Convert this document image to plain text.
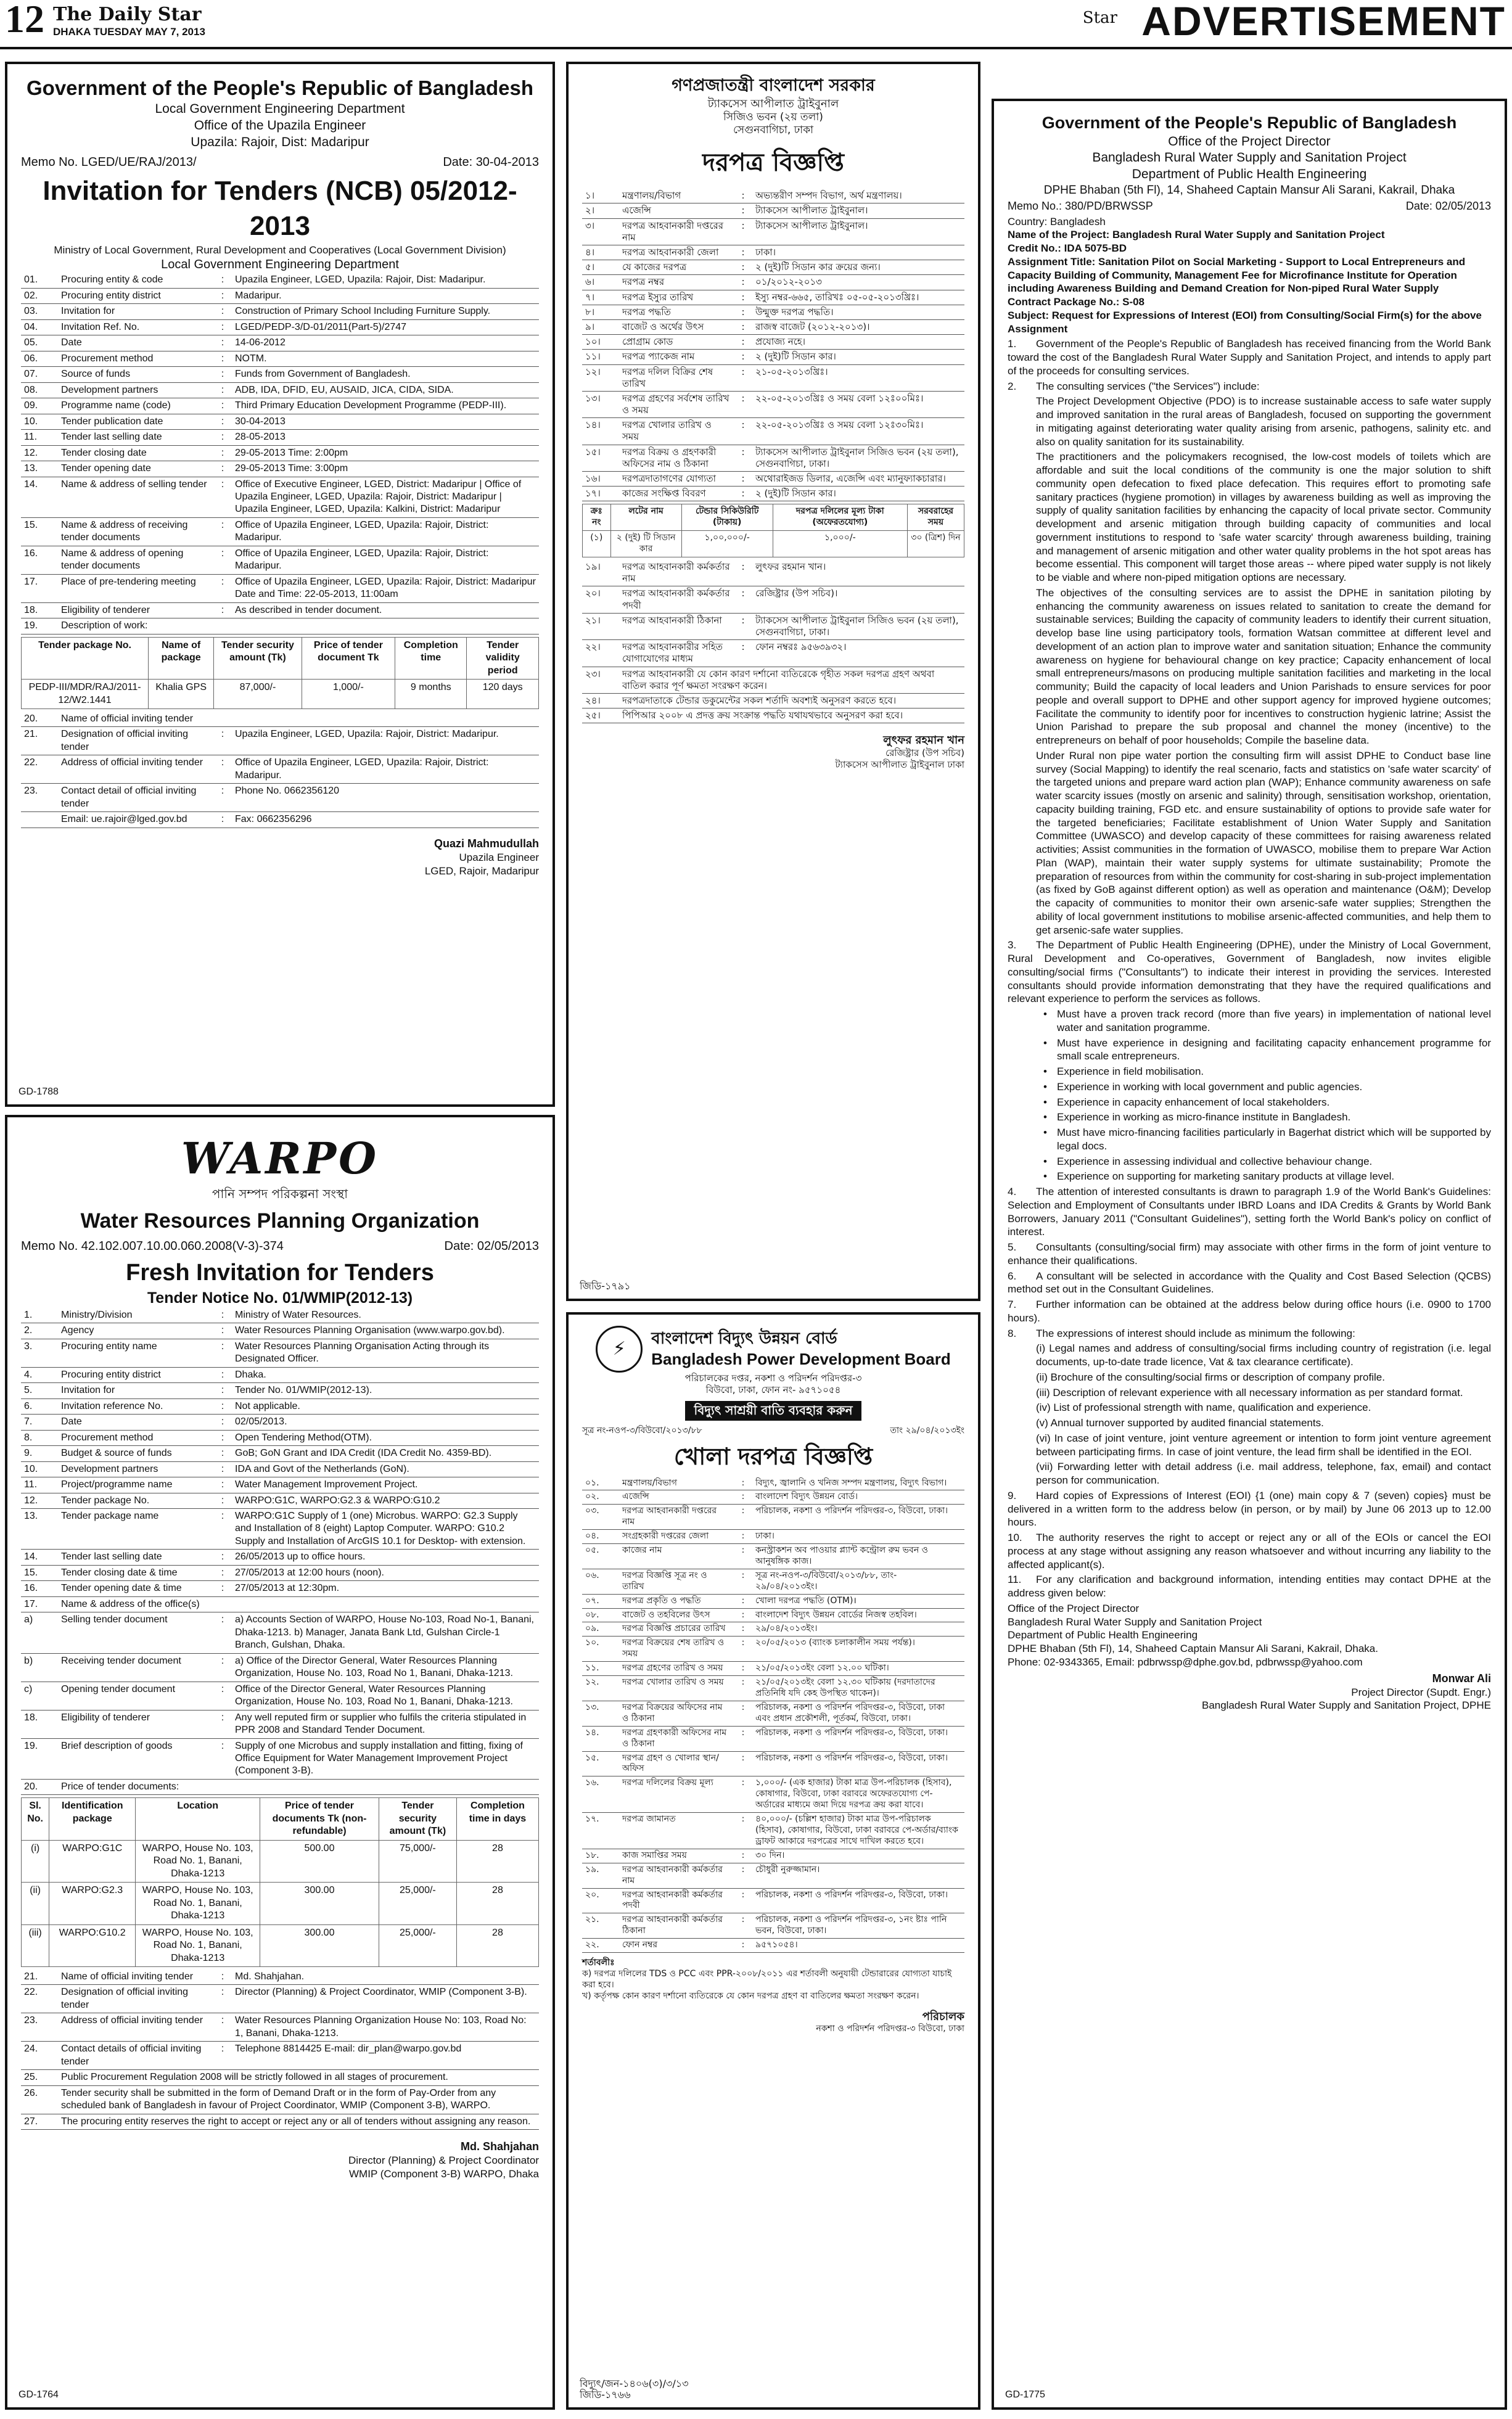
12 The Daily Star
DHAKA TUESDAY MAY 7, 2013
Star ADVERTISEMENT
Government of the People's Republic of Bangladesh
Local Government Engineering Department
Office of the Upazila Engineer
Upazila: Rajoir, Dist: Madaripur
Memo No. LGED/UE/RAJ/2013/	Date: 30-04-2013
Invitation for Tenders (NCB) 05/2012-2013
Ministry of Local Government, Rural Development and Cooperatives (Local Government Division)
Local Government Engineering Department
01.	Procuring entity & code	:	Upazila Engineer, LGED, Upazila: Rajoir, Dist: Madaripur.
02.	Procuring entity district	:	Madaripur.
03.	Invitation for	:	Construction of Primary School Including Furniture Supply.
04.	Invitation Ref. No.	:	LGED/PEDP-3/D-01/2011(Part-5)/2747
05.	Date	:	14-06-2012
06.	Procurement method	:	NOTM.
07.	Source of funds	:	Funds from Government of Bangladesh.
08.	Development partners	:	ADB, IDA, DFID, EU, AUSAID, JICA, CIDA, SIDA.
09.	Programme name (code)	:	Third Primary Education Development Programme (PEDP-III).
10.	Tender publication date	:	30-04-2013
11.	Tender last selling date	:	28-05-2013
12.	Tender closing date	:	29-05-2013 Time: 2:00pm
13.	Tender opening date	:	29-05-2013 Time: 3:00pm
14.	Name & address of selling tender	:	Office of Executive Engineer, LGED, District: Madaripur | Office of Upazila Engineer, LGED, Upazila: Rajoir, District: Madaripur | Upazila Engineer, LGED, Upazila: Kalkini, District: Madaripur
15.	Name & address of receiving tender documents	:	Office of Upazila Engineer, LGED, Upazila: Rajoir, District: Madaripur.
16.	Name & address of opening tender documents	:	Office of Upazila Engineer, LGED, Upazila: Rajoir, District: Madaripur.
17.	Place of pre-tendering meeting	:	Office of Upazila Engineer, LGED, Upazila: Rajoir, District: Madaripur Date and Time: 22-05-2013, 11:00am
18.	Eligibility of tenderer	:	As described in tender document.
19.	Description of work:		
Tender package No.	Name of package	Tender security amount (Tk)	Price of tender document Tk	Completion time	Tender validity period
PEDP-III/MDR/RAJ/2011-12/W2.1441	Khalia GPS	87,000/-	1,000/-	9 months	120 days
20.	Name of official inviting tender		
21.	Designation of official inviting tender	:	Upazila Engineer, LGED, Upazila: Rajoir, District: Madaripur.
22.	Address of official inviting tender	:	Office of Upazila Engineer, LGED, Upazila: Rajoir, District: Madaripur.
23.	Contact detail of official inviting tender	:	Phone No. 0662356120
	Email: ue.rajoir@lged.gov.bd	:	Fax: 0662356296
Quazi Mahmudullah
Upazila Engineer
LGED, Rajoir, Madaripur
GD-1788
WARPO
পানি সম্পদ পরিকল্পনা সংস্থা
Water Resources Planning Organization
Memo No. 42.102.007.10.00.060.2008(V-3)-374	Date: 02/05/2013
Fresh Invitation for Tenders
Tender Notice No. 01/WMIP(2012-13)
1.	Ministry/Division	:	Ministry of Water Resources.
2.	Agency	:	Water Resources Planning Organisation (www.warpo.gov.bd).
3.	Procuring entity name	:	Water Resources Planning Organisation Acting through its Designated Officer.
4.	Procuring entity district	:	Dhaka.
5.	Invitation for	:	Tender No. 01/WMIP(2012-13).
6.	Invitation reference No.	:	Not applicable.
7.	Date	:	02/05/2013.
8.	Procurement method	:	Open Tendering Method(OTM).
9.	Budget & source of funds	:	GoB; GoN Grant and IDA Credit (IDA Credit No. 4359-BD).
10.	Development partners	:	IDA and Govt of the Netherlands (GoN).
11.	Project/programme name	:	Water Management Improvement Project.
12.	Tender package No.	:	WARPO:G1C, WARPO:G2.3 & WARPO:G10.2
13.	Tender package name	:	WARPO:G1C Supply of 1 (one) Microbus. WARPO: G2.3 Supply and Installation of 8 (eight) Laptop Computer. WARPO: G10.2 Supply and Installation of ArcGIS 10.1 for Desktop- with extension.
14.	Tender last selling date	:	26/05/2013 up to office hours.
15.	Tender closing date & time	:	27/05/2013 at 12:00 hours (noon).
16.	Tender opening date & time	:	27/05/2013 at 12:30pm.
17.	Name & address of the office(s)		
a)	Selling tender document	:	a) Accounts Section of WARPO, House No-103, Road No-1, Banani, Dhaka-1213. b) Manager, Janata Bank Ltd, Gulshan Circle-1 Branch, Gulshan, Dhaka.
b)	Receiving tender document	:	a) Office of the Director General, Water Resources Planning Organization, House No. 103, Road No 1, Banani, Dhaka-1213.
c)	Opening tender document	:	Office of the Director General, Water Resources Planning Organization, House No. 103, Road No 1, Banani, Dhaka-1213.
18.	Eligibility of tenderer	:	Any well reputed firm or supplier who fulfils the criteria stipulated in PPR 2008 and Standard Tender Document.
19.	Brief description of goods	:	Supply of one Microbus and supply installation and fitting, fixing of Office Equipment for Water Management Improvement Project (Component 3-B).
20.	Price of tender documents:		
Sl. No.	Identification package	Location	Price of tender documents Tk (non-refundable)	Tender security amount (Tk)	Completion time in days
(i)	WARPO:G1C	WARPO, House No. 103, Road No. 1, Banani, Dhaka-1213	500.00	75,000/-	28
(ii)	WARPO:G2.3	WARPO, House No. 103, Road No. 1, Banani, Dhaka-1213	300.00	25,000/-	28
(iii)	WARPO:G10.2	WARPO, House No. 103, Road No. 1, Banani, Dhaka-1213	300.00	25,000/-	28
21.	Name of official inviting tender	:	Md. Shahjahan.
22.	Designation of official inviting tender	:	Director (Planning) & Project Coordinator, WMIP (Component 3-B).
23.	Address of official inviting tender	:	Water Resources Planning Organization House No: 103, Road No: 1, Banani, Dhaka-1213.
24.	Contact details of official inviting tender	:	Telephone 8814425 E-mail: dir_plan@warpo.gov.bd
25.	Public Procurement Regulation 2008 will be strictly followed in all stages of procurement.		
26.	Tender security shall be submitted in the form of Demand Draft or in the form of Pay-Order from any scheduled bank of Bangladesh in favour of Project Coordinator, WMIP (Component 3-B), WARPO.		
27.	The procuring entity reserves the right to accept or reject any or all of tenders without assigning any reason.		
Md. Shahjahan
Director (Planning) & Project Coordinator
WMIP (Component 3-B) WARPO, Dhaka
GD-1764
গণপ্রজাতন্ত্রী বাংলাদেশ সরকার
ট্যাকসেস আপীলাত ট্রাইবুনাল
সিজিও ভবন (২য় তলা)
সেগুনবাগিচা, ঢাকা
দরপত্র বিজ্ঞপ্তি
১।	মন্ত্রণালয়/বিভাগ	:	অভ্যন্তরীণ সম্পদ বিভাগ, অর্থ মন্ত্রণালয়।
২।	এজেন্সি	:	ট্যাকসেস আপীলাত ট্রাইবুনাল।
৩।	দরপত্র আহবানকারী দপ্তরের নাম	:	ট্যাকসেস আপীলাত ট্রাইবুনাল।
৪।	দরপত্র আহবানকারী জেলা	:	ঢাকা।
৫।	যে কাজের দরপত্র	:	২ (দুই)টি সিডান কার ক্রয়ের জন্য।
৬।	দরপত্র নম্বর	:	০১/২০১২-২০১৩
৭।	দরপত্র ইস্যুর তারিখ	:	ইস্যু নম্বর-৬৬৫, তারিখঃ ০৫-০৫-২০১৩খ্রিঃ।
৮।	দরপত্র পদ্ধতি	:	উন্মুক্ত দরপত্র পদ্ধতি।
৯।	বাজেট ও অর্থের উৎস	:	রাজস্ব বাজেট (২০১২-২০১৩)।
১০।	প্রোগ্রাম কোড	:	প্রযোজ্য নহে।
১১।	দরপত্র প্যাকেজ নাম	:	২ (দুই)টি সিডান কার।
১২।	দরপত্র দলিল বিক্রির শেষ তারিখ	:	২১-০৫-২০১৩খ্রিঃ।
১৩।	দরপত্র গ্রহণের সর্বশেষ তারিখ ও সময়	:	২২-০৫-২০১৩খ্রিঃ ও সময় বেলা ১২ঃ০০মিঃ।
১৪।	দরপত্র খোলার তারিখ ও সময়	:	২২-০৫-২০১৩খ্রিঃ ও সময় বেলা ১২ঃ৩০মিঃ।
১৫।	দরপত্র বিক্রয় ও গ্রহণকারী অফিসের নাম ও ঠিকানা	:	ট্যাকসেস আপীলাত ট্রাইবুনাল সিজিও ভবন (২য় তলা), সেগুনবাগিচা, ঢাকা।
১৬।	দরপত্রদাতাগণের যোগ্যতা	:	অথোরাইজড ডিলার, এজেন্সি এবং ম্যানুফ্যাকচারার।
১৭।	কাজের সংক্ষিপ্ত বিবরণ	:	২ (দুই)টি সিডান কার।
ক্রঃ নং	লটের নাম	টেন্ডার সিকিউরিটি (টাকায়)	দরপত্র দলিলের মূল্য টাকা (অফেরতযোগ্য)	সরবরাহের সময়
(১)	২ (দুই) টি সিডান কার	১,০০,০০০/-	১,০০০/-	৩০ (ত্রিশ) দিন
১৯।	দরপত্র আহবানকারী কর্মকর্তার নাম	:	লুৎফর রহমান খান।
২০।	দরপত্র আহবানকারী কর্মকর্তার পদবী	:	রেজিষ্ট্রার (উপ সচিব)।
২১।	দরপত্র আহবানকারী ঠিকানা	:	ট্যাকসেস আপীলাত ট্রাইবুনাল সিজিও ভবন (২য় তলা), সেগুনবাগিচা, ঢাকা।
২২।	দরপত্র আহবানকারীর সহিত যোগাযোগের মাধ্যম	:	ফোন নম্বরঃ ৯৫৬৩৯৩২।
২৩।	দরপত্র আহবানকারী যে কোন কারণ দর্শানো ব্যতিরেকে গৃহীত সকল দরপত্র গ্রহণ অথবা বাতিল করার পূর্ণ ক্ষমতা সংরক্ষণ করেন।		
২৪।	দরপত্রদাতাকে টেন্ডার ডকুমেন্টের সকল শর্তাদি অবশ্যই অনুসরণ করতে হবে।		
২৫।	পিপিআর ২০০৮ এ প্রদত্ত ক্রয় সংক্রান্ত পদ্ধতি যথাযথভাবে অনুসরণ করা হবে।		
লুৎফর রহমান খান
রেজিষ্ট্রার (উপ সচিব)
ট্যাকসেস আপীলাত ট্রাইবুনাল ঢাকা
জিডি-১৭৯১
⚡	বাংলাদেশ বিদ্যুৎ উন্নয়ন বোর্ড
Bangladesh Power Development Board
পরিচালকের দপ্তর, নকশা ও পরিদর্শন পরিদপ্তর-৩
বিউবো, ঢাকা, ফোন নং- ৯৫৭১০৫৪
বিদ্যুৎ সাশ্রয়ী বাতি ব্যবহার করুন
সূত্র নং-নওপ-৩/বিউবো/২০১৩/৮৮	তাং ২৯/০৪/২০১৩ইং
খোলা দরপত্র বিজ্ঞপ্তি
০১.	মন্ত্রণালয়/বিভাগ	:	বিদ্যুৎ, জ্বালানি ও খনিজ সম্পদ মন্ত্রণালয়, বিদ্যুৎ বিভাগ।
০২.	এজেন্সি	:	বাংলাদেশ বিদ্যুৎ উন্নয়ন বোর্ড।
০৩.	দরপত্র আহবানকারী দপ্তরের নাম	:	পরিচালক, নকশা ও পরিদর্শন পরিদপ্তর-৩, বিউবো, ঢাকা।
০৪.	সংগ্রহকারী দপ্তরের জেলা	:	ঢাকা।
০৫.	কাজের নাম	:	কনস্ট্রাকশন অব পাওয়ার প্ল্যান্ট কন্ট্রোল রুম ভবন ও আনুষঙ্গিক কাজ।
০৬.	দরপত্র বিজ্ঞপ্তি সূত্র নং ও তারিখ	:	সূত্র নং-নওপ-৩/বিউবো/২০১৩/৮৮, তাং- ২৯/০৪/২০১৩ইং।
০৭.	দরপত্র প্রকৃতি ও পদ্ধতি	:	খোলা দরপত্র পদ্ধতি (OTM)।
০৮.	বাজেট ও তহবিলের উৎস	:	বাংলাদেশ বিদ্যুৎ উন্নয়ন বোর্ডের নিজস্ব তহবিল।
০৯.	দরপত্র বিজ্ঞপ্তি প্রচারের তারিখ	:	২৯/০৪/২০১৩ইং।
১০.	দরপত্র বিক্রয়ের শেষ তারিখ ও সময়	:	২০/০৫/২০১৩ (ব্যাংক চলাকালীন সময় পর্যন্ত)।
১১.	দরপত্র গ্রহণের তারিখ ও সময়	:	২১/০৫/২০১৩ইং বেলা ১২.০০ ঘটিকা।
১২.	দরপত্র খোলার তারিখ ও সময়	:	২১/০৫/২০১৩ইং বেলা ১২.৩০ ঘটিকায় (দরদাতাদের প্রতিনিধি যদি কেহ উপস্থিত থাকেন)।
১৩.	দরপত্র বিক্রয়ের অফিসের নাম ও ঠিকানা	:	পরিচালক, নকশা ও পরিদর্শন পরিদপ্তর-৩, বিউবো, ঢাকা এবং প্রধান প্রকৌশলী, পূর্তকর্ম, বিউবো, ঢাকা।
১৪.	দরপত্র গ্রহণকারী অফিসের নাম ও ঠিকানা	:	পরিচালক, নকশা ও পরিদর্শন পরিদপ্তর-৩, বিউবো, ঢাকা।
১৫.	দরপত্র গ্রহণ ও খোলার স্থান/অফিস	:	পরিচালক, নকশা ও পরিদর্শন পরিদপ্তর-৩, বিউবো, ঢাকা।
১৬.	দরপত্র দলিলের বিক্রয় মূল্য	:	১,০০০/- (এক হাজার) টাকা মাত্র উপ-পরিচালক (হিসাব), কোষাগার, বিউবো, ঢাকা বরাবরে অফেরতযোগ্য পে-অর্ডারের মাধ্যমে জমা দিয়ে দরপত্র ক্রয় করা যাবে।
১৭.	দরপত্র জামানত	:	৪০,০০০/- (চল্লিশ হাজার) টাকা মাত্র উপ-পরিচালক (হিসাব), কোষাগার, বিউবো, ঢাকা বরাবরে পে-অর্ডার/ব্যাংক ড্রাফট আকারে দরপত্রের সাথে দাখিল করতে হবে।
১৮.	কাজ সমাপ্তির সময়	:	৩০ দিন।
১৯.	দরপত্র আহবানকারী কর্মকর্তার নাম	:	চৌধুরী নুরুজ্জামান।
২০.	দরপত্র আহবানকারী কর্মকর্তার পদবী	:	পরিচালক, নকশা ও পরিদর্শন পরিদপ্তর-৩, বিউবো, ঢাকা।
২১.	দরপত্র আহবানকারী কর্মকর্তার ঠিকানা	:	পরিচালক, নকশা ও পরিদর্শন পরিদপ্তর-৩, ১নং ষ্টাঃ পানি ভবন, বিউবো, ঢাকা।
২২.	ফোন নম্বর	:	৯৫৭১০৫৪।
শর্তাবলীঃ
ক) দরপত্র দলিলের TDS ও PCC এবং PPR-২০০৮/২০১১ এর শর্তাবলী অনুযায়ী টেন্ডারারের যোগ্যতা যাচাই করা হবে।
খ) কর্তৃপক্ষ কোন কারণ দর্শানো ব্যতিরেকে যে কোন দরপত্র গ্রহণ বা বাতিলের ক্ষমতা সংরক্ষণ করেন।
পরিচালক
নকশা ও পরিদর্শন পরিদপ্তর-৩ বিউবো, ঢাকা
বিদ্যুৎ/জন-১৪০৬(৩)/৩/১৩
জিডি-১৭৬৬
Government of the People's Republic of Bangladesh
Office of the Project Director
Bangladesh Rural Water Supply and Sanitation Project
Department of Public Health Engineering
DPHE Bhaban (5th Fl), 14, Shaheed Captain Mansur Ali Sarani, Kakrail, Dhaka
Memo No.: 380/PD/BRWSSP	Date: 02/05/2013
Country: Bangladesh
Name of the Project: Bangladesh Rural Water Supply and Sanitation Project
Credit No.: IDA 5075-BD
Assignment Title: Sanitation Pilot on Social Marketing - Support to Local Entrepreneurs and Capacity Building of Community, Management Fee for Microfinance Institute for Operation including Awareness Building and Demand Creation for Non-piped Rural Water Supply
Contract Package No.: S-08
Subject: Request for Expressions of Interest (EOI) from Consulting/Social Firm(s) for the above Assignment

1. Government of the People's Republic of Bangladesh has received financing from the World Bank toward the cost of the Bangladesh Rural Water Supply and Sanitation Project, and intends to apply part of the proceeds for consulting services.

2. The consulting services ("the Services") include:

The Project Development Objective (PDO) is to increase sustainable access to safe water supply and improved sanitation in the rural areas of Bangladesh, focused on supporting the government in mitigating against deteriorating water quality arising from arsenic, pathogens, salinity etc. and also on quality sanitation for its sustainability.

The practitioners and the policymakers recognised, the low-cost models of toilets which are affordable and suit the local conditions of the community is one the major solution to shift community open defecation to fixed place defecation. This requires effort to promoting safe sanitary practices (hygiene promotion) in villages by awareness building as well as improving the supply of quality sanitation facilities by enhancing the capacity of local private sector. Community development and arsenic mitigation through building capacity of communities and local government institutions to respond to 'safe water scarcity' through awareness building, training and management of arsenic mitigation and other water quality problems in the hot spot areas has become essential. This component will target those areas -- where piped water supply is not likely to be viable and where non-piped mitigation options are necessary.

The objectives of the consulting services are to assist the DPHE in sanitation piloting by enhancing the community awareness on issues related to sanitation to create the demand for sustainable services; Building the capacity of community leaders to identify their current situation, develop base line using participatory tools, formation Watsan committee at different level and development of an action plan to improve water and sanitation situation; Enhance the community awareness on hygiene for behavioural change on key practice; Capacity enhancement of local small entrepreneurs/masons on producing multiple sanitation facilities and marketing in the local community; Build the capacity of local leaders and Union Parishads to ensure services for poor people and overall support to DPHE and other support agency for improved hygiene outcomes; Facilitate the community to identify poor for incentives to construction hygienic latrine; Assist the Union Parishad to prepare the sub proposal and channel the money (incentive) to the entrepreneurs on behalf of poor households; Compile the baseline data.

Under Rural non pipe water portion the consulting firm will assist DPHE to Conduct base line survey (Social Mapping) to identify the real scenario, facts and statistics on 'safe water scarcity' of the targeted unions and prepare ward action plan (WAP); Enhance community awareness on safe water scarcity issues (mostly on arsenic and salinity) through, sensitisation workshop, orientation, capacity building training, FGD etc. and ensure sustainability of options to provide safe water for the targeted beneficiaries; Facilitate establishment of Union Water Supply and Sanitation Committee (UWASCO) and develop capacity of these committees for raising awareness related activities; Assist communities in the formation of UWASCO, mobilise them to prepare War Action Plan (WAP), maintain their water supply systems for ultimate sustainability; Promote the preparation of resources from within the community for cost-sharing in sub-project implementation (as fixed by GoB against different option) as well as operation and maintenance (O&M); Develop the capacity of communities to monitor their own arsenic-safe water supplies; Strengthen the ability of local government institutions to mobilise arsenic-affected communities, and help them to get arsenic-safe water supplies.

3. The Department of Public Health Engineering (DPHE), under the Ministry of Local Government, Rural Development and Co-operatives, Government of Bangladesh, now invites eligible consulting/social firms ("Consultants") to indicate their interest in providing the services. Interested consultants should provide information demonstrating that they have the required qualifications and relevant experience to perform the services as follows.

• Must have a proven track record (more than five years) in implementation of national level water and sanitation programme.

• Must have experience in designing and facilitating capacity enhancement programme for small scale entrepreneurs.

• Experience in field mobilisation.

• Experience in working with local government and public agencies.

• Experience in capacity enhancement of local stakeholders.

• Experience in working as micro-finance institute in Bangladesh.

• Must have micro-financing facilities particularly in Bagerhat district which will be supported by legal docs.

• Experience in assessing individual and collective behaviour change.

• Experience on supporting for marketing sanitary products at village level.

4. The attention of interested consultants is drawn to paragraph 1.9 of the World Bank's Guidelines: Selection and Employment of Consultants under IBRD Loans and IDA Credits & Grants by World Bank Borrowers, January 2011 ("Consultant Guidelines"), setting forth the World Bank's policy on conflict of interest.

5. Consultants (consulting/social firm) may associate with other firms in the form of joint venture to enhance their qualifications.

6. A consultant will be selected in accordance with the Quality and Cost Based Selection (QCBS) method set out in the Consultant Guidelines.

7. Further information can be obtained at the address below during office hours (i.e. 0900 to 1700 hours).

8. The expressions of interest should include as minimum the following:

(i) Legal names and address of consulting/social firms including country of registration (i.e. legal documents, up-to-date trade licence, Vat & tax clearance certificate).

(ii) Brochure of the consulting/social firms or description of company profile.

(iii) Description of relevant experience with all necessary information as per standard format.

(iv) List of professional strength with name, qualification and experience.

(v) Annual turnover supported by audited financial statements.

(vi) In case of joint venture, joint venture agreement or intention to form joint venture agreement between participating firms. In case of joint venture, the lead firm shall be identified in the EOI.

(vii) Forwarding letter with detail address (i.e. mail address, telephone, fax, email) and contact person for communication.

9. Hard copies of Expressions of Interest (EOI) {1 (one) main copy & 7 (seven) copies} must be delivered in a written form to the address below (in person, or by mail) by June 06 2013 up to 12.00 hours.

10. The authority reserves the right to accept or reject any or all of the EOIs or cancel the EOI process at any stage without assigning any reason whatsoever and without incurring any liability to the affected applicant(s).

11. For any clarification and background information, intending entities may contact DPHE at the address given below:

Office of the Project Director
Bangladesh Rural Water Supply and Sanitation Project
Department of Public Health Engineering
DPHE Bhaban (5th Fl), 14, Shaheed Captain Mansur Ali Sarani, Kakrail, Dhaka.
Phone: 02-9343365, Email: pdbrwssp@dphe.gov.bd, pdbrwssp@yahoo.com
Monwar Ali
Project Director (Supdt. Engr.)
Bangladesh Rural Water Supply and Sanitation Project, DPHE
GD-1775
